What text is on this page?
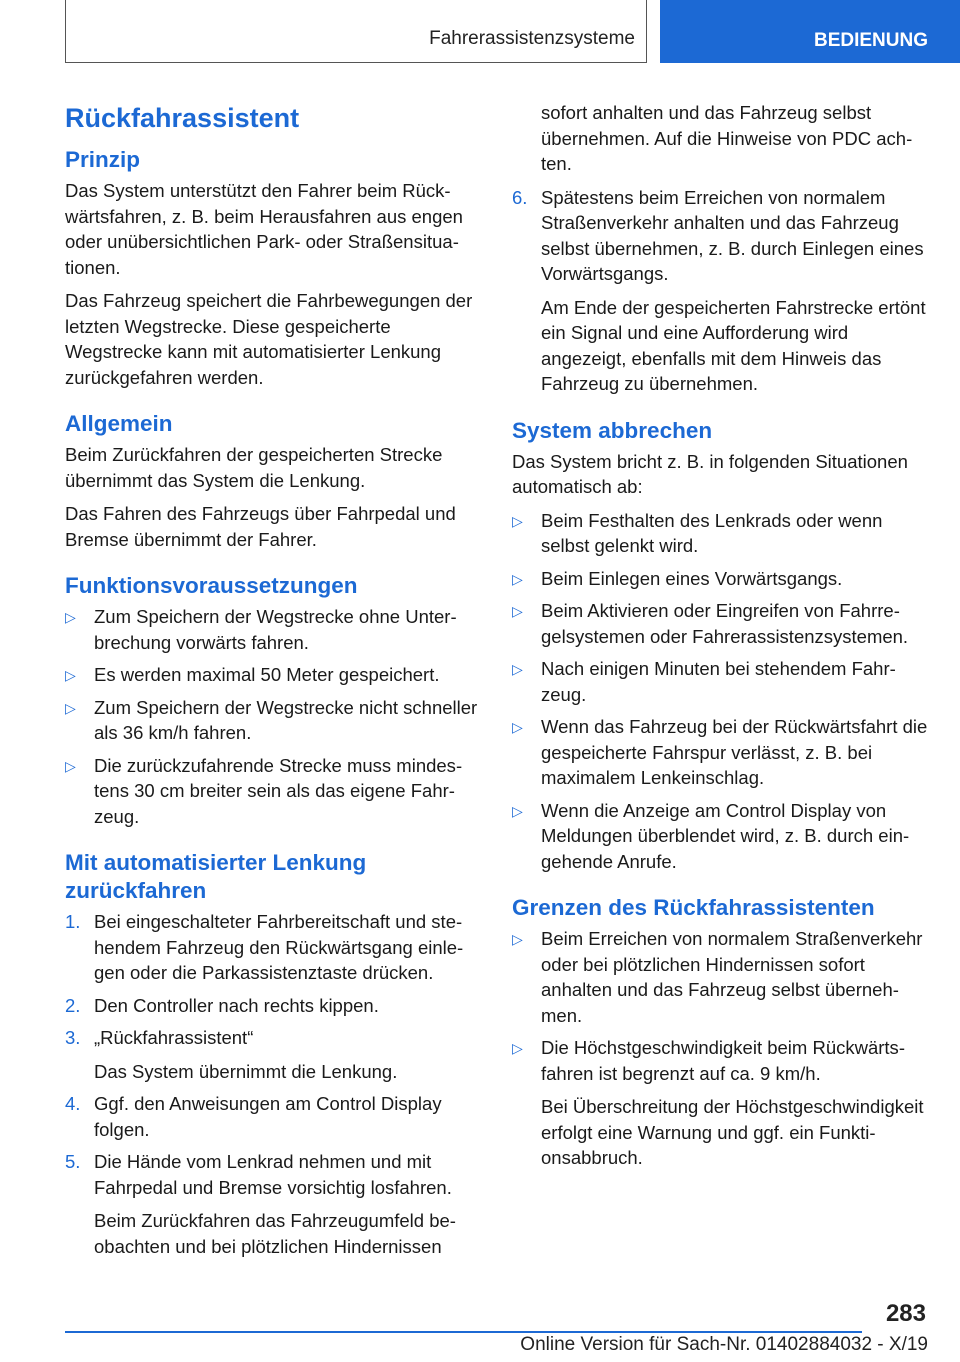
Fahrerassistenzsysteme	BEDIENUNG
Rückfahrassistent
Prinzip

Das System unterstützt den Fahrer beim Rückwärtsfahren, z. B. beim Herausfahren aus engen oder unübersichtlichen Park- oder Straßensituationen.

Das Fahrzeug speichert die Fahrbewegungen der letzten Wegstrecke. Diese gespeicherte Wegstrecke kann mit automatisierter Lenkung zurückgefahren werden.

Allgemein

Beim Zurückfahren der gespeicherten Strecke übernimmt das System die Lenkung.

Das Fahren des Fahrzeugs über Fahrpedal und Bremse übernimmt der Fahrer.

Funktionsvoraussetzungen
▷ Zum Speichern der Wegstrecke ohne Unterbrechung vorwärts fahren.
▷ Es werden maximal 50 Meter gespeichert.
▷ Zum Speichern der Wegstrecke nicht schneller als 36 km/h fahren.
▷ Die zurückzufahrende Strecke muss mindestens 30 cm breiter sein als das eigene Fahrzeug.
Mit automatisierter Lenkung zurückfahren
1. Bei eingeschalteter Fahrbereitschaft und stehendem Fahrzeug den Rückwärtsgang einlegen oder die Parkassistenztaste drücken.
2. Den Controller nach rechts kippen.
3. „Rückfahrassistent“
Das System übernimmt die Lenkung.
4. Ggf. den Anweisungen am Control Display folgen.
5. Die Hände vom Lenkrad nehmen und mit Fahrpedal und Bremse vorsichtig losfahren.
Beim Zurückfahren das Fahrzeugumfeld beobachten und bei plötzlichen Hindernissen

sofort anhalten und das Fahrzeug selbst übernehmen. Auf die Hinweise von PDC achten.

6. Spätestens beim Erreichen von normalem Straßenverkehr anhalten und das Fahrzeug selbst übernehmen, z. B. durch Einlegen eines Vorwärtsgangs.
Am Ende der gespeicherten Fahrstrecke ertönt ein Signal und eine Aufforderung wird angezeigt, ebenfalls mit dem Hinweis das Fahrzeug zu übernehmen.
System abbrechen

Das System bricht z. B. in folgenden Situationen automatisch ab:

▷ Beim Festhalten des Lenkrads oder wenn selbst gelenkt wird.
▷ Beim Einlegen eines Vorwärtsgangs.
▷ Beim Aktivieren oder Eingreifen von Fahrregelsystemen oder Fahrerassistenzsystemen.
▷ Nach einigen Minuten bei stehendem Fahrzeug.
▷ Wenn das Fahrzeug bei der Rückwärtsfahrt die gespeicherte Fahrspur verlässt, z. B. bei maximalem Lenkeinschlag.
▷ Wenn die Anzeige am Control Display von Meldungen überblendet wird, z. B. durch eingehende Anrufe.
Grenzen des Rückfahrassistenten
▷ Beim Erreichen von normalem Straßenverkehr oder bei plötzlichen Hindernissen sofort anhalten und das Fahrzeug selbst übernehmen.
▷ Die Höchstgeschwindigkeit beim Rückwärtsfahren ist begrenzt auf ca. 9 km/h.
Bei Überschreitung der Höchstgeschwindigkeit erfolgt eine Warnung und ggf. ein Funktionsabbruch.
283
Online Version für Sach-Nr. 01402884032 - X/19
